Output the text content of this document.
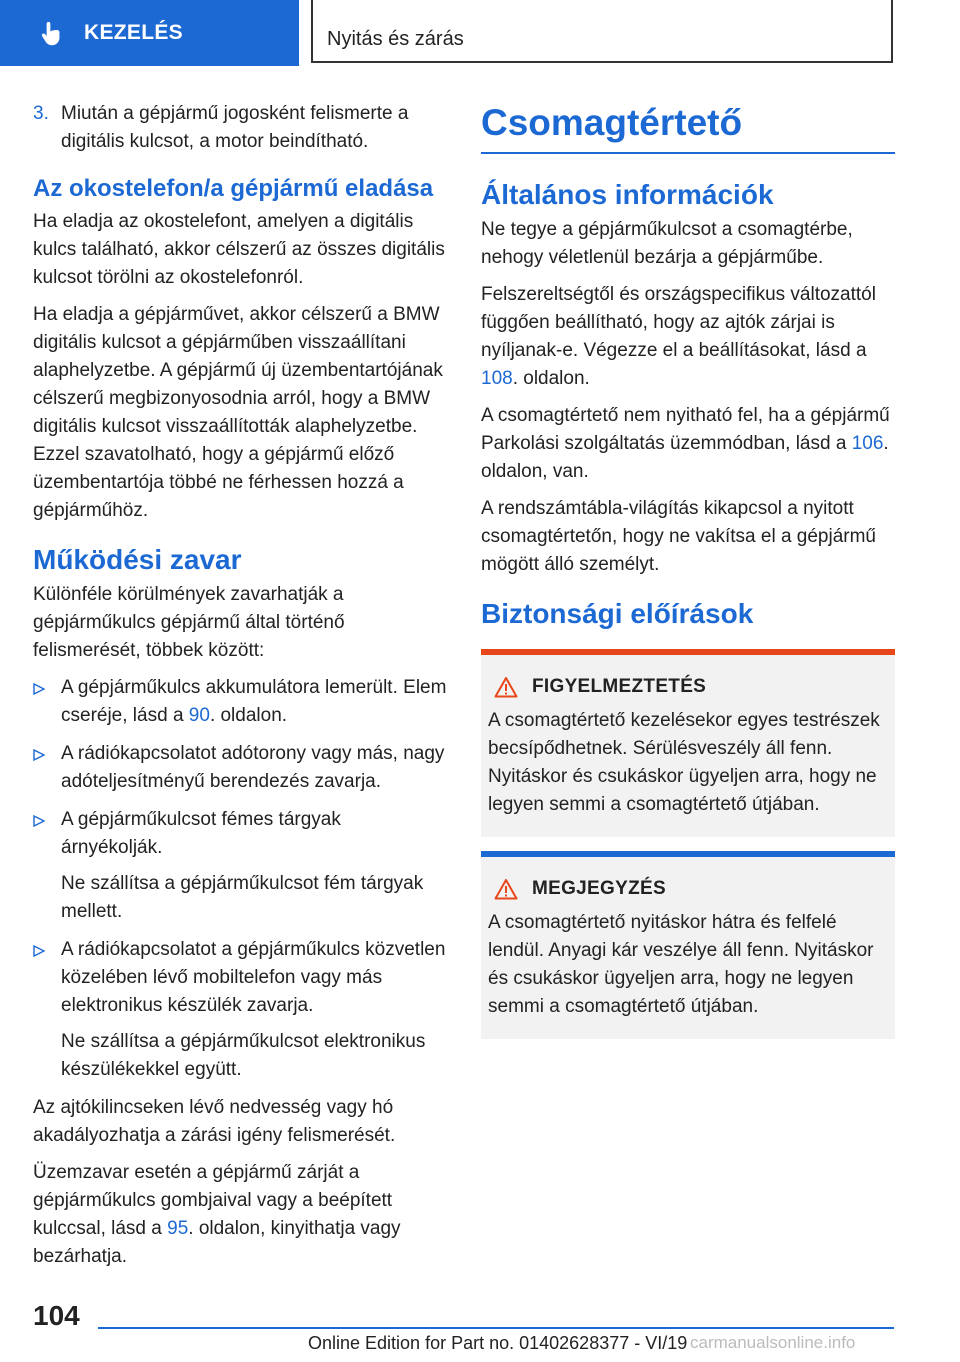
KEZELÉS	Nyitás és zárás
3. Miután a gépjármű jogosként felismerte a digitális kulcsot, a motor beindítható.
Az okostelefon/a gépjármű eladása

Ha eladja az okostelefont, amelyen a digitális kulcs található, akkor célszerű az összes digitális kulcsot törölni az okostelefonról.

Ha eladja a gépjárművet, akkor célszerű a BMW digitális kulcsot a gépjárműben visszaállítani alaphelyzetbe. A gépjármű új üzembentartójának célszerű megbizonyosodnia arról, hogy a BMW digitális kulcsot visszaállították alaphelyzetbe. Ezzel szavatolható, hogy a gépjármű előző üzembentartója többé ne férhessen hozzá a gépjárműhöz.

Működési zavar

Különféle körülmények zavarhatják a gépjárműkulcs gépjármű által történő felismerését, többek között:

A gépjárműkulcs akkumulátora lemerült. Elem cseréje, lásd a 90. oldalon.

A rádiókapcsolatot adótorony vagy más, nagy adóteljesítményű berendezés zavarja.

A gépjárműkulcsot fémes tárgyak árnyékolják.

Ne szállítsa a gépjárműkulcsot fém tárgyak mellett.

A rádiókapcsolatot a gépjárműkulcs közvetlen közelében lévő mobiltelefon vagy más elektronikus készülék zavarja.

Ne szállítsa a gépjárműkulcsot elektronikus készülékekkel együtt.

Az ajtókilincseken lévő nedvesség vagy hó akadályozhatja a zárási igény felismerését.

Üzemzavar esetén a gépjármű zárját a gépjárműkulcs gombjaival vagy a beépített kulccsal, lásd a 95. oldalon, kinyithatja vagy bezárhatja.

Csomagtértető
Általános információk

Ne tegye a gépjárműkulcsot a csomagtérbe, nehogy véletlenül bezárja a gépjárműbe.

Felszereltségtől és országspecifikus változattól függően beállítható, hogy az ajtók zárjai is nyíljanak-e. Végezze el a beállításokat, lásd a 108. oldalon.

A csomagtértető nem nyitható fel, ha a gépjármű Parkolási szolgáltatás üzemmódban, lásd a 106. oldalon, van.

A rendszámtábla-világítás kikapcsol a nyitott csomagtértetőn, hogy ne vakítsa el a gépjármű mögött álló személyt.

Biztonsági előírások
FIGYELMEZTETÉS

A csomagtértető kezelésekor egyes testrészek becsípődhetnek. Sérülésveszély áll fenn. Nyitáskor és csukáskor ügyeljen arra, hogy ne legyen semmi a csomagtértető útjában.

MEGJEGYZÉS

A csomagtértető nyitáskor hátra és felfelé lendül. Anyagi kár veszélye áll fenn. Nyitáskor és csukáskor ügyeljen arra, hogy ne legyen semmi a csomagtértető útjában.

104
Online Edition for Part no. 01402628377 - VI/19 carmanualsonline.info
